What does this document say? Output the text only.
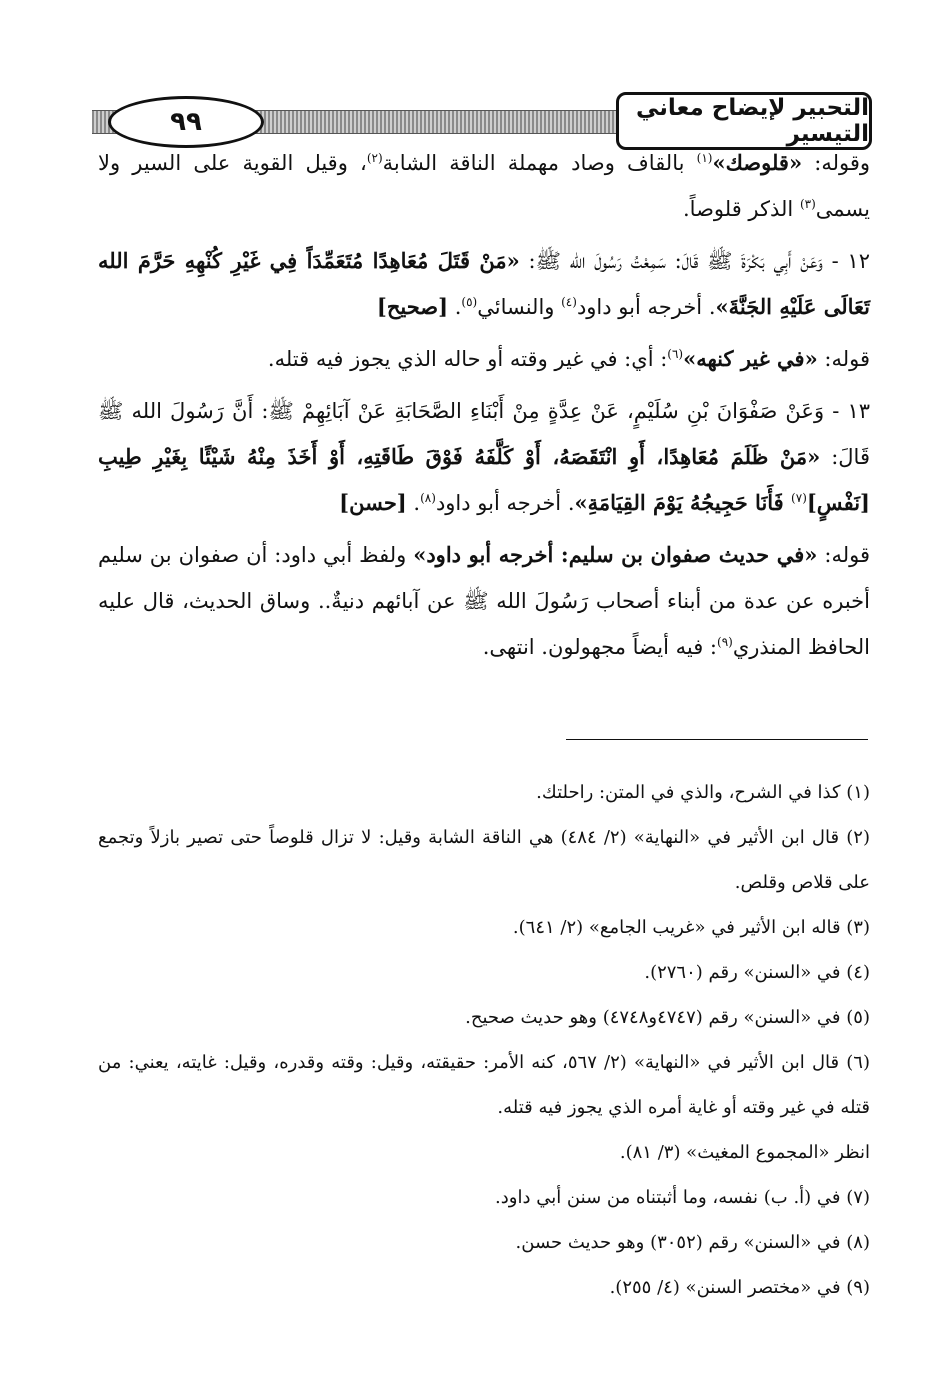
٩٩	التحبير لإيضاح معاني التيسير

وقوله: «قلوصك»$^{(١)}$ بالقاف وصاد مهملة الناقة الشابة$^{(٢)}$، وقيل القوية على السير ولا يسمى$^{(٣)}$ الذكر قلوصاً.

١٢ - وَعَنْ أَبِي بَكْرَةَ ﷺ قَالَ: سَمِعْتُ رَسُولَ الله ﷺ: «مَنْ قَتَلَ مُعَاهِدًا مُتَعَمِّدَاً فِي غَيْرِ كُنْهِهِ حَرَّمَ الله تَعَالَى عَلَيْهِ الجَنَّةَ». أخرجه أبو داود$^{(٤)}$ والنسائي$^{(٥)}$. [صحيح]

قوله: «في غير كنهه»$^{(٦)}$: أي: في غير وقته أو حاله الذي يجوز فيه قتله.

١٣ - وَعَنْ صَفْوَانَ بْنِ سُلَيْمٍ، عَنْ عِدَّةٍ مِنْ أَبْنَاءِ الصَّحَابَةِ عَنْ آبَائِهِمْ ﷺ: أَنَّ رَسُولَ الله ﷺ قَالَ: «مَنْ ظَلَمَ مُعَاهِدًا، أَوِ انْتَقَصَهُ، أَوْ كَلَّفَهُ فَوْقَ طَاقَتِهِ، أَوْ أَخَذَ مِنْهُ شَيْئًا بِغَيْرِ طِيبِ [نَفْسٍ]$^{(٧)}$ فَأَنَا حَجِيجُهُ يَوْمَ القِيَامَةِ». أخرجه أبو داود$^{(٨)}$. [حسن]

قوله: «في حديث صفوان بن سليم: أخرجه أبو داود» ولفظ أبي داود: أن صفوان بن سليم أخبره عن عدة من أبناء أصحاب رَسُولَ الله ﷺ عن آبائهم دنيةٌ.. وساق الحديث، قال عليه الحافظ المنذري$^{(٩)}$: فيه أيضاً مجهولون. انتهى.

(١) كذا في الشرح، والذي في المتن: راحلتك.

(٢) قال ابن الأثير في «النهاية» (٢/ ٤٨٤) هي الناقة الشابة وقيل: لا تزال قلوصاً حتى تصير بازلاً وتجمع على قلاص وقلص.

(٣) قاله ابن الأثير في «غريب الجامع» (٢/ ٦٤١).

(٤) في «السنن» رقم (٢٧٦٠).

(٥) في «السنن» رقم (٤٧٤٧و٤٧٤٨) وهو حديث صحيح.

(٦) قال ابن الأثير في «النهاية» (٢/ ٥٦٧، كنه الأمر: حقيقته، وقيل: وقته وقدره، وقيل: غايته، يعني: من قتله في غير وقته أو غاية أمره الذي يجوز فيه قتله.

انظر «المجموع المغيث» (٣/ ٨١).

(٧) في (أ. ب) نفسه، وما أثبتناه من سنن أبي داود.

(٨) في «السنن» رقم (٣٠٥٢) وهو حديث حسن.

(٩) في «مختصر السنن» (٤/ ٢٥٥).
